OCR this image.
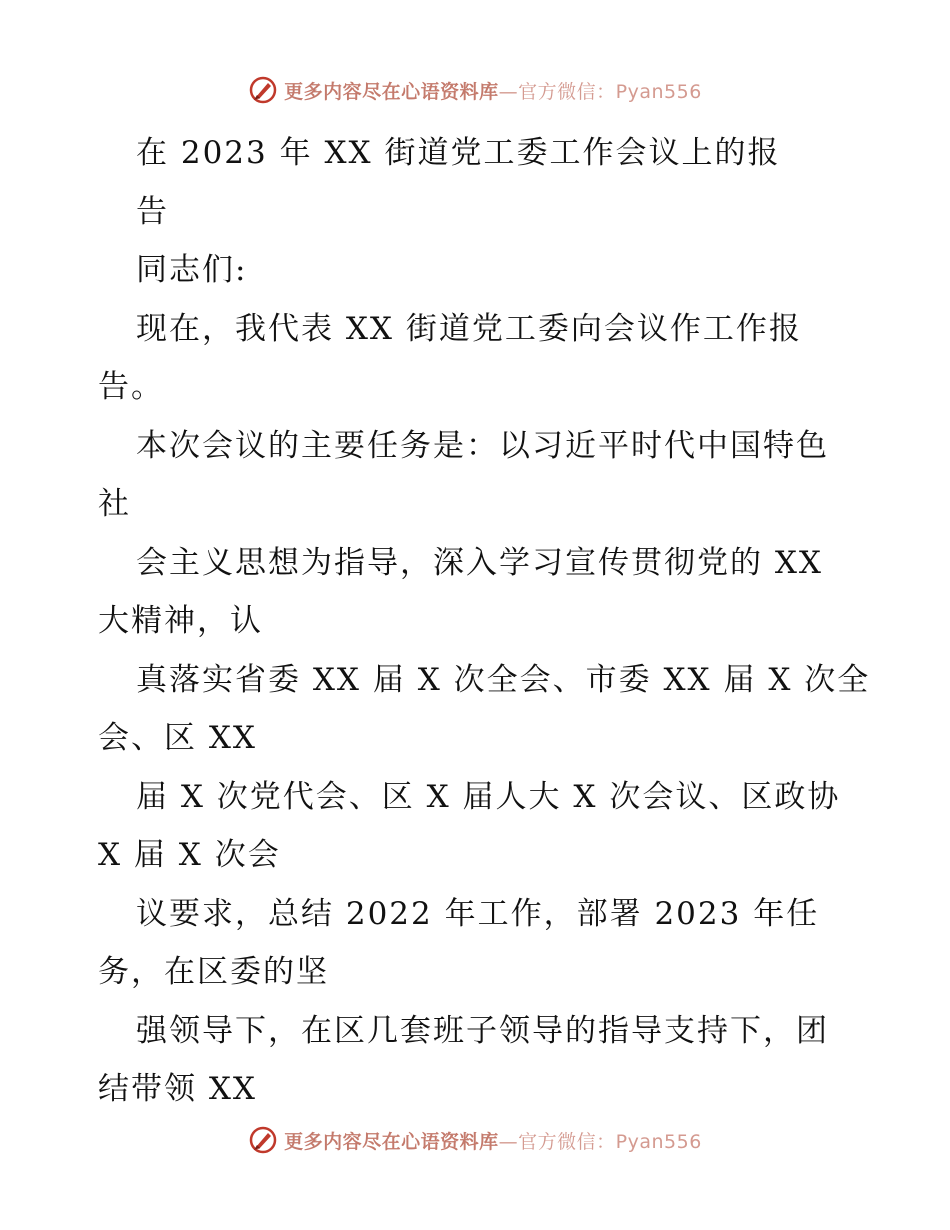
更多内容尽在心语资料库—官方微信：Pyan556
在 2023 年 XX 街道党工委工作会议上的报
告
同志们:
现在，我代表 XX 街道党工委向会议作工作报
告。
本次会议的主要任务是：以习近平时代中国特色
社
会主义思想为指导，深入学习宣传贯彻党的 XX
大精神，认
真落实省委 XX 届 X 次全会、市委 XX 届 X 次全
会、区 XX
届 X 次党代会、区 X 届人大 X 次会议、区政协
X 届 X 次会
议要求，总结 2022 年工作，部署 2023 年任
务，在区委的坚
强领导下，在区几套班子领导的指导支持下，团
结带领 XX
更多内容尽在心语资料库—官方微信：Pyan556
